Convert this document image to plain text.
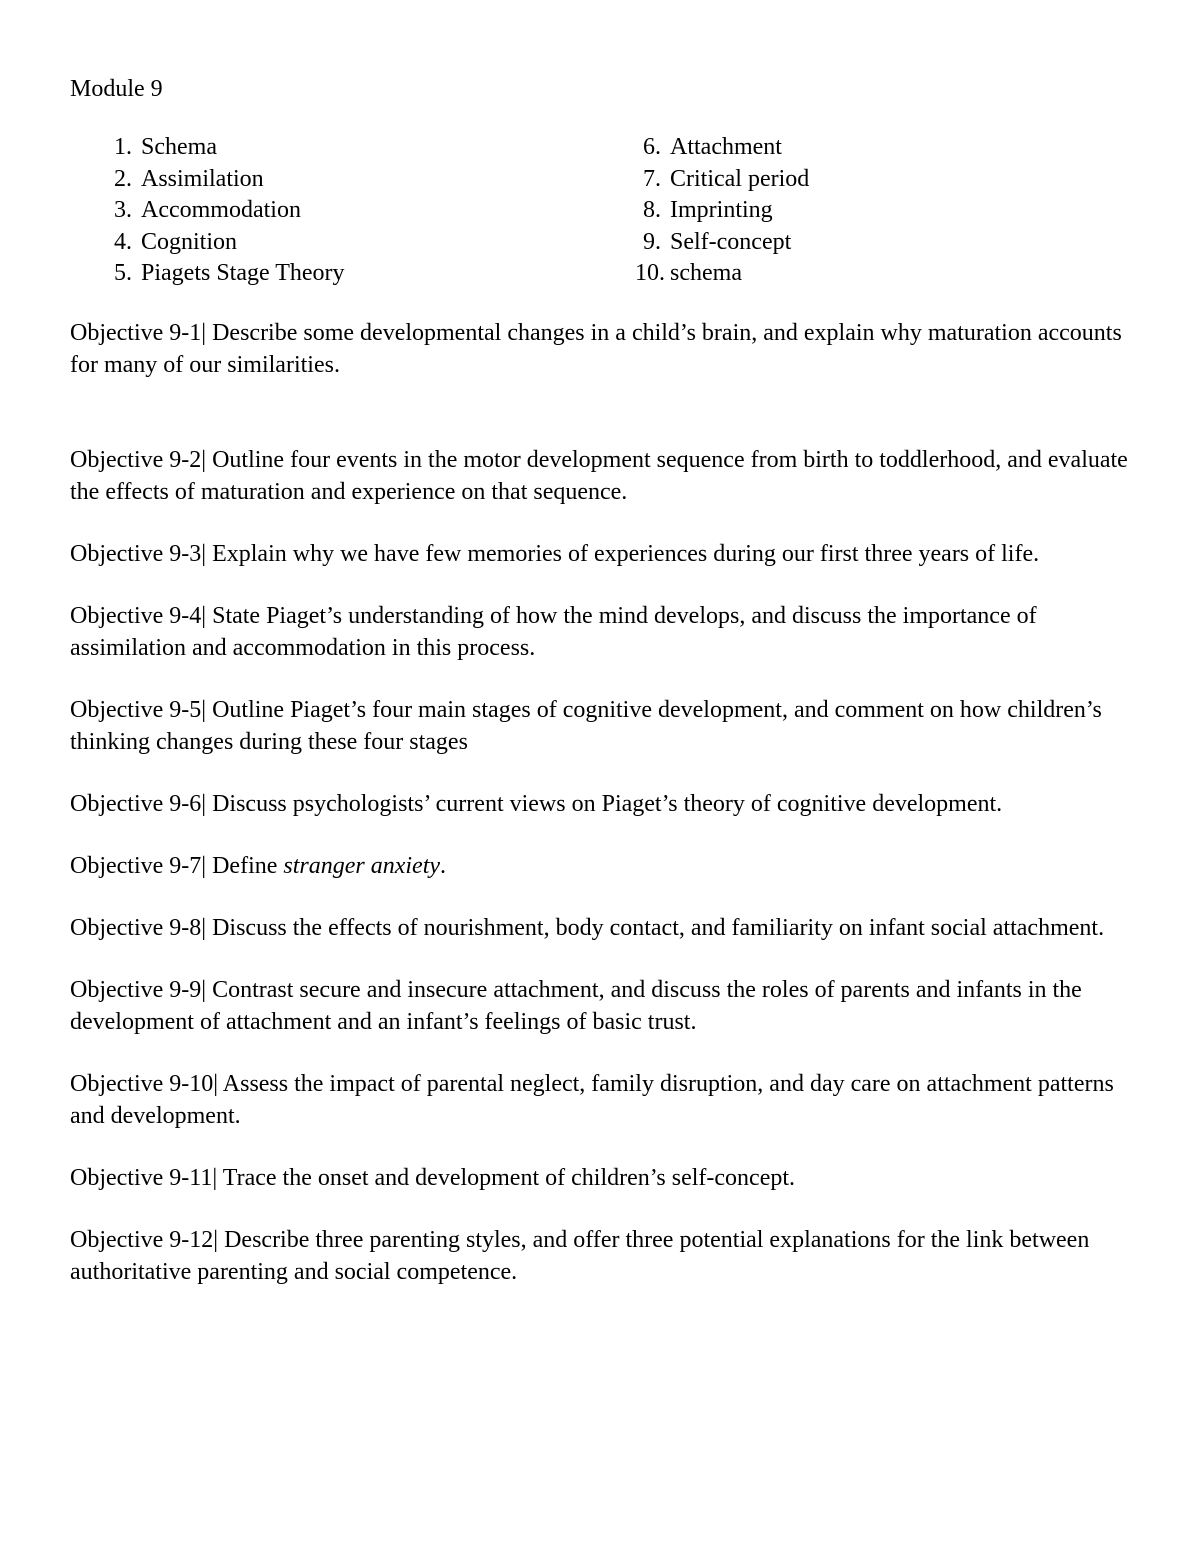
Module 9
1. Schema
2. Assimilation
3. Accommodation
4. Cognition
5. Piagets Stage Theory
6. Attachment
7. Critical period
8. Imprinting
9. Self-concept
10. schema

Objective 9-1| Describe some developmental changes in a child’s brain, and explain why maturation accounts for many of our similarities.

Objective 9-2| Outline four events in the motor development sequence from birth to toddlerhood, and evaluate the effects of maturation and experience on that sequence.

Objective 9-3| Explain why we have few memories of experiences during our first three years of life.

Objective 9-4| State Piaget’s understanding of how the mind develops, and discuss the importance of assimilation and accommodation in this process.

Objective 9-5| Outline Piaget’s four main stages of cognitive development, and comment on how children’s thinking changes during these four stages

Objective 9-6| Discuss psychologists’ current views on Piaget’s theory of cognitive development.

Objective 9-7| Define stranger anxiety.

Objective 9-8| Discuss the effects of nourishment, body contact, and familiarity on infant social attachment.

Objective 9-9| Contrast secure and insecure attachment, and discuss the roles of parents and infants in the development of attachment and an infant’s feelings of basic trust.

Objective 9-10| Assess the impact of parental neglect, family disruption, and day care on attachment patterns and development.

Objective 9-11| Trace the onset and development of children’s self-concept.

Objective 9-12| Describe three parenting styles, and offer three potential explanations for the link between authoritative parenting and social competence.
